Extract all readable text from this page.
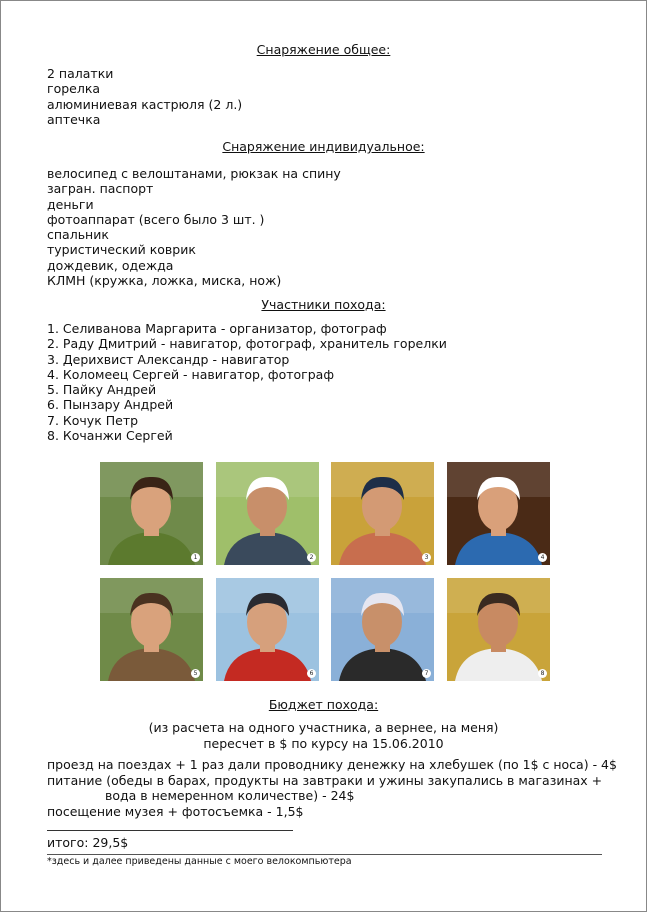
Снаряжение общее:
2 палатки
горелка
алюминиевая кастрюля (2 л.)
аптечка
Снаряжение индивидуальное:
велосипед с велоштанами, рюкзак на спину
загран. паспорт
деньги
фотоаппарат (всего было 3 шт. )
спальник
туристический коврик
дождевик, одежда
КЛМН (кружка, ложка, миска, нож)
Участники похода:
1. Селиванова Маргарита - организатор, фотограф
2. Раду Дмитрий - навигатор, фотограф, хранитель горелки
3. Дерихвист Александр - навигатор
4. Коломеец Сергей - навигатор, фотограф
5. Пайку Андрей
6. Пынзару Андрей
7. Кочук Петр
8. Кочанжи Сергей
1	2	3	4
5	6	7	8
Бюджет похода:
(из расчета на одного участника, а вернее, на меня)
пересчет в $ по курсу на 15.06.2010
проезд на поездах + 1 раз дали проводнику денежку на хлебушек (по 1$ с носа) - 4$
питание (обеды в барах, продукты на завтраки и ужины закупались в магазинах +
вода в немеренном количестве) - 24$
посещение музея + фотосъемка - 1,5$
итого: 29,5$
*здесь и далее приведены данные с моего велокомпьютера
